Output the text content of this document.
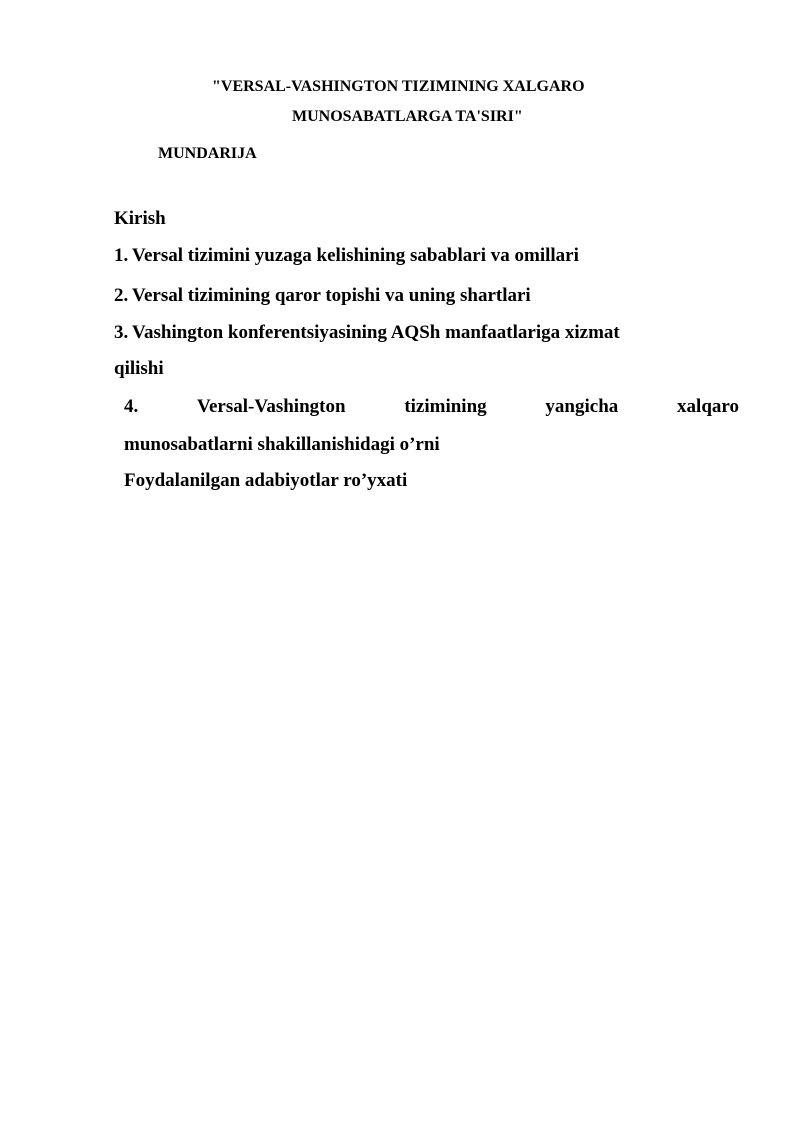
"VERSAL-VASHINGTON TIZIMINING XALGARO
MUNOSABATLARGA TA'SIRI"
MUNDARIJA
Kirish
1. Versal tizimini yuzaga kelishining sabablari va omillari
2. Versal tizimining qaror topishi va uning shartlari
3. Vashington konferentsiyasining AQSh manfaatlariga xizmat
qilishi
4.	Versal-Vashington	tizimining	yangicha	xalqaro
munosabatlarni shakillanishidagi o’rni
Foydalanilgan adabiyotlar ro’yxati
